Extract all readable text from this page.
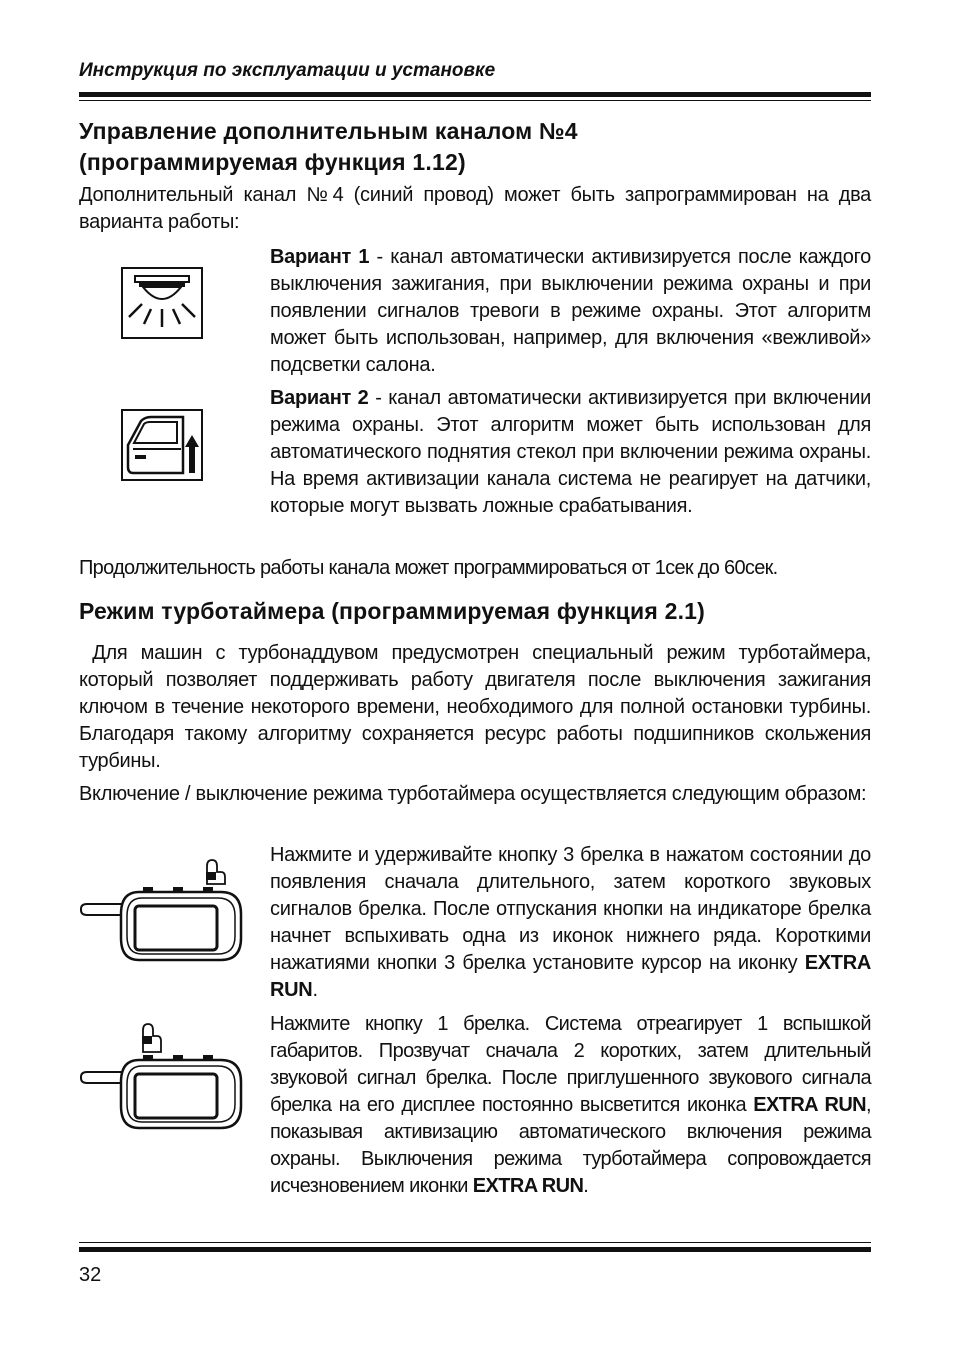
Инструкция по эксплуатации и установке
Управление дополнительным каналом №4
(программируемая функция 1.12)

Дополнительный канал №4 (синий провод) может быть запрограммирован на два варианта работы:

Вариант 1 - канал автоматически активизируется после каждого выключения зажигания, при выключении режима охраны и при появлении сигналов тревоги в режиме охраны. Этот алгоритм может быть использован, например, для включения «вежливой» подсветки салона.

Вариант 2 - канал автоматически активизируется при включении режима охраны. Этот алгоритм может быть использован для автоматического поднятия стекол при включении режима охраны. На время активизации канала система не реагирует на датчики, которые могут вызвать ложные срабатывания.

Продолжительность работы канала может программироваться от 1сек до 60сек.

Режим турботаймера (программируемая функция 2.1)

Для машин с турбонаддувом предусмотрен специальный режим турботаймера, который позволяет поддерживать работу двигателя после выключения зажигания ключом в течение некоторого времени, необходимого для полной остановки турбины. Благодаря такому алгоритму сохраняется ресурс работы подшипников скольжения турбины.

Включение / выключение режима турботаймера осуществляется следующим образом:

Нажмите и удерживайте кнопку 3 брелка в нажатом состоянии до появления сначала длительного, затем короткого звуковых сигналов брелка. После отпускания кнопки на индикаторе брелка начнет вспыхивать одна из иконок нижнего ряда. Короткими нажатиями кнопки 3 брелка установите курсор на иконку EXTRA RUN.

Нажмите кнопку 1 брелка. Система отреагирует 1 вспышкой габаритов. Прозвучат сначала 2 коротких, затем длительный звуковой сигнал брелка. После приглушенного звукового сигнала брелка на его дисплее постоянно высветится иконка EXTRA RUN, показывая активизацию автоматического включения режима охраны. Выключения режима турботаймера сопровождается исчезновением иконки EXTRA RUN.

32
